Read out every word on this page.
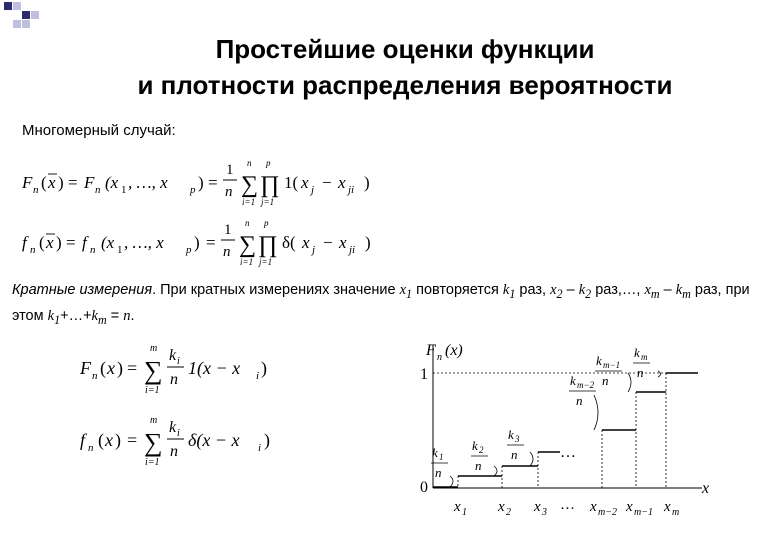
Простейшие оценки функции
и плотности распределения вероятности
Многомерный случай:
F n ( x ) = F n (x 1 , …, x p ) =
1
n ∑
n
i=1
∏
p
j=1
1( x j − x ji )
f n ( x ) = f n (x 1 , …, x p ) =
1
n ∑
n
i=1
∏
p
j=1
δ( x j − x ji )
Кратные измерения. При кратных измерениях значение $x_1$ повторяется $k_1$ раз, $x_2 - k_2$ раз,…, $x_m - k_m$ раз, при этом $k_1+\dots+k_m = n$.
F n ( x ) = ∑
m
i=1
k i
n
1(x − x i )
f n ( x ) = ∑
m
i=1
k i
n
δ(x − x i )
F n (x)
1
0	x
k 1
n
k 2
n
k 3
n
k m−2
n
k m−1
n
k m
n
…
x 1 x 2 x 3 … x m−2 x m−1 x m
